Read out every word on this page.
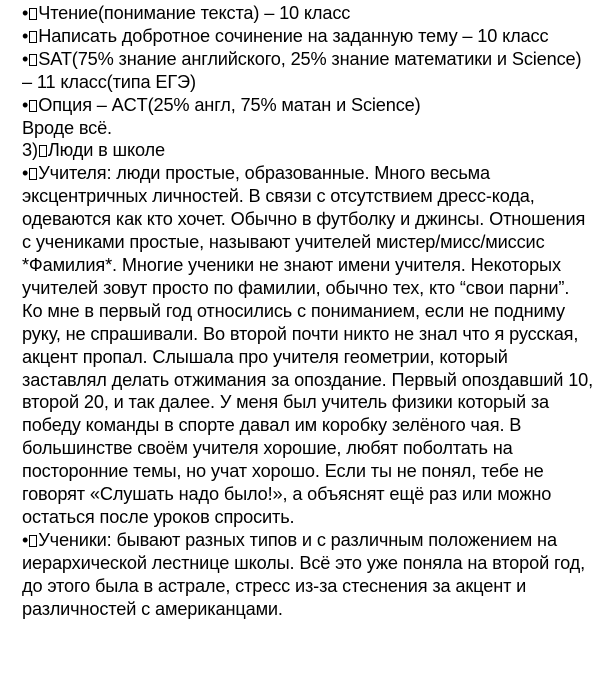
• Чтение(понимание текста) – 10 класс

• Написать добротное сочинение на заданную тему – 10 класс

• SAT(75% знание английского, 25% знание математики и Science) – 11 класс(типа ЕГЭ)

• Опция – ACT(25% англ, 75% матан и Science)

Вроде всё.

3) Люди в школе

• Учителя: люди простые, образованные. Много весьма эксцентричных личностей. В связи с отсутствием дресс-кода, одеваются как кто хочет. Обычно в футболку и джинсы. Отношения с учениками простые, называют учителей мистер/мисс/миссис *Фамилия*. Многие ученики не знают имени учителя. Некоторых учителей зовут просто по фамилии, обычно тех, кто “свои парни”. Ко мне в первый год относились с пониманием, если не подниму руку, не спрашивали. Во второй почти никто не знал что я русская, акцент пропал. Слышала про учителя геометрии, который заставлял делать отжимания за опоздание. Первый опоздавший 10, второй 20, и так далее. У меня был учитель физики который за победу команды в спорте давал им коробку зелёного чая. В большинстве своём учителя хорошие, любят поболтать на посторонние темы, но учат хорошо. Если ты не понял, тебе не говорят «Слушать надо было!», а объяснят ещё раз или можно остаться после уроков спросить.

• Ученики: бывают разных типов и с различным положением на иерархической лестнице школы. Всё это уже поняла на второй год, до этого была в астрале, стресс из-за стеснения за акцент и различностей с американцами.
